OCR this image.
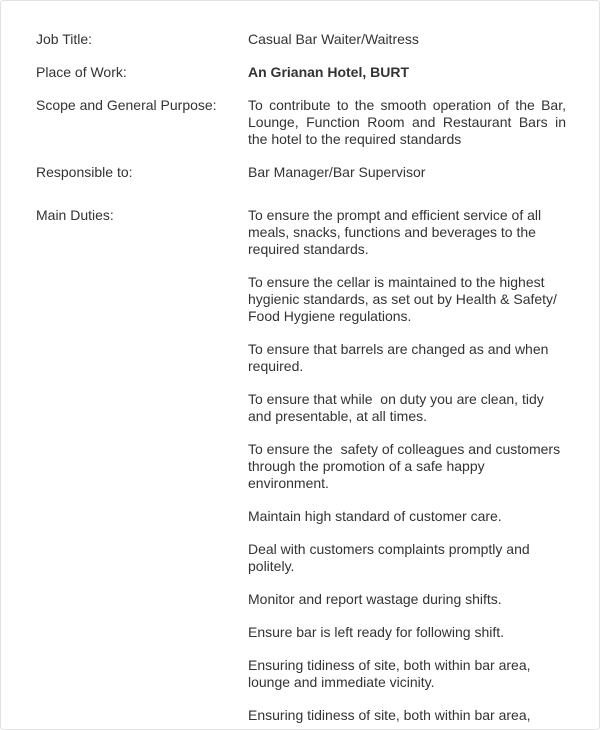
Job Title:	Casual Bar Waiter/Waitress
Place of Work:	An Grianan Hotel, BURT
Scope and General Purpose:	To contribute to the smooth operation of the Bar, Lounge, Function Room and Restaurant Bars in the hotel to the required standards
Responsible to:	Bar Manager/Bar Supervisor
Main Duties:	To ensure the prompt and efficient service of all meals, snacks, functions and beverages to the required standards.

To ensure the cellar is maintained to the highest hygienic standards, as set out by Health & Safety/ Food Hygiene regulations.

To ensure that barrels are changed as and when required.

To ensure that while  on duty you are clean, tidy and presentable, at all times.

To ensure the  safety of colleagues and customers through the promotion of a safe happy environment.

Maintain high standard of customer care.

Deal with customers complaints promptly and politely.

Monitor and report wastage during shifts.

Ensure bar is left ready for following shift.

Ensuring tidiness of site, both within bar area, lounge and immediate vicinity.

Ensuring tidiness of site, both within bar area,
